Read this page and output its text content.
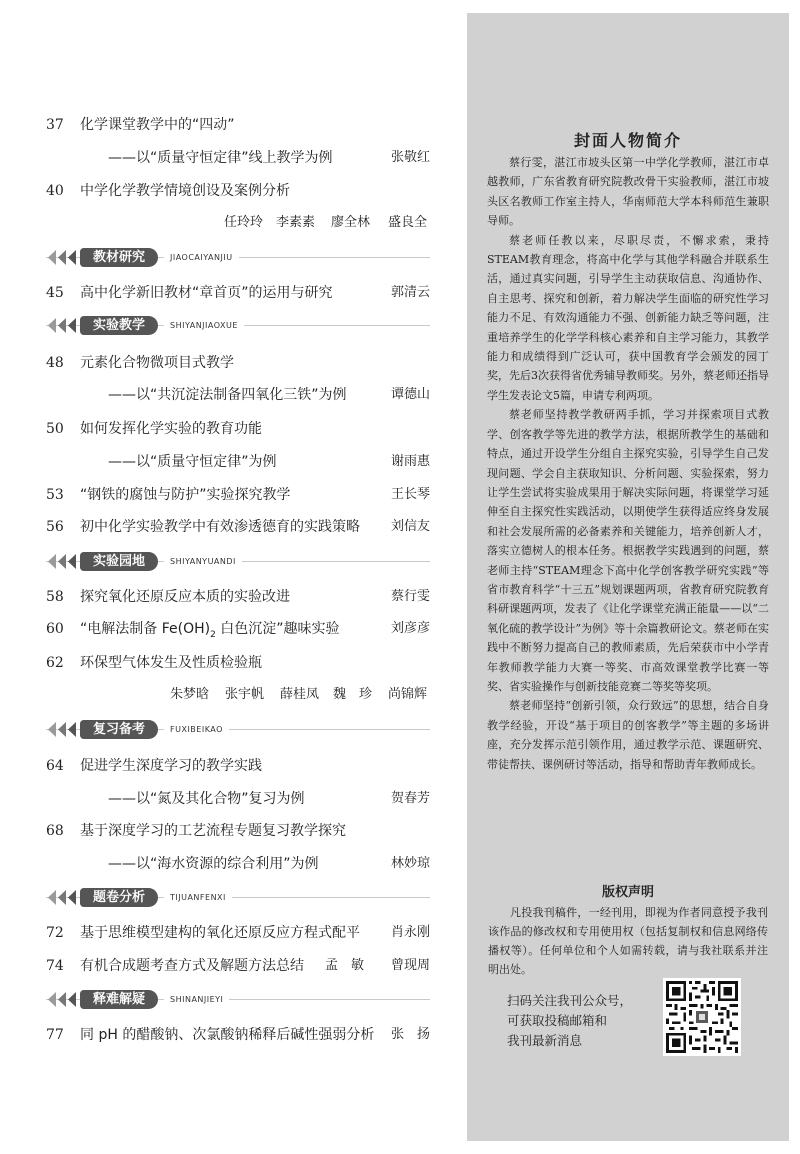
37	化学课堂教学中的“四动”
——以“质量守恒定律”线上教学为例	张敬红
40	中学化学教学情境创设及案例分析
任玲玲 李素素 廖全林 盛良全
教材研究	JIAOCAIYANJIU
45	高中化学新旧教材“章首页”的运用与研究	郭清云
实验教学	SHIYANJIAOXUE
48	元素化合物微项目式教学
——以“共沉淀法制备四氧化三铁”为例	谭德山
50	如何发挥化学实验的教育功能
——以“质量守恒定律”为例	谢雨惠
53	“钢铁的腐蚀与防护”实验探究教学	王长琴
56	初中化学实验教学中有效渗透德育的实践策略 刘信友
实验园地	SHIYANYUANDI
58	探究氧化还原反应本质的实验改进	蔡行雯
60	“电解法制备 $Fe(OH)_2$ 白色沉淀”趣味实验	刘彦彦
62	环保型气体发生及性质检验瓶
朱梦晗 张宇帆 薛桂凤 魏　珍 尚锦辉
复习备考	FUXIBEIKAO
64	促进学生深度学习的教学实践
——以“氮及其化合物”复习为例	贺春芳
68	基于深度学习的工艺流程专题复习教学探究
——以“海水资源的综合利用”为例	林妙琼
题卷分析	TIJUANFENXI
72	基于思维模型建构的氧化还原反应方程式配平 肖永刚
74	有机合成题考查方式及解题方法总结 孟　敏 曾现周
释难解疑	SHINANJIEYI
77	同 pH 的醋酸钠、次氯酸钠稀释后碱性强弱分析 张　扬
封面人物简介

蔡行雯，湛江市坡头区第一中学化学教师，湛江市卓越教师，广东省教育研究院教改骨干实验教师，湛江市坡头区名教师工作室主持人，华南师范大学本科师范生兼职导师。

蔡老师任教以来，尽职尽责，不懈求索，秉持STEAM教育理念，将高中化学与其他学科融合并联系生活，通过真实问题，引导学生主动获取信息、沟通协作、自主思考、探究和创新，着力解决学生面临的研究性学习能力不足、有效沟通能力不强、创新能力缺乏等问题，注重培养学生的化学学科核心素养和自主学习能力，其教学能力和成绩得到广泛认可，获中国教育学会颁发的园丁奖，先后3次获得省优秀辅导教师奖。另外，蔡老师还指导学生发表论文5篇，申请专利两项。

蔡老师坚持教学教研两手抓，学习并探索项目式教学、创客教学等先进的教学方法，根据所教学生的基础和特点，通过开设学生分组自主探究实验，引导学生自己发现问题、学会自主获取知识、分析问题、实验探索，努力让学生尝试将实验成果用于解决实际问题，将课堂学习延伸至自主探究性实践活动，以期使学生获得适应终身发展和社会发展所需的必备素养和关键能力，培养创新人才，落实立德树人的根本任务。根据教学实践遇到的问题，蔡老师主持“STEAM理念下高中化学创客教学研究实践”等省市教育科学“十三五”规划课题两项，省教育研究院教育科研课题两项，发表了《让化学课堂充满正能量——以“二氧化硫的教学设计”为例》等十余篇教研论文。蔡老师在实践中不断努力提高自己的教师素质，先后荣获市中小学青年教师教学能力大赛一等奖、市高效课堂教学比赛一等奖、省实验操作与创新技能竞赛二等奖等奖项。

蔡老师坚持“创新引领，众行致远”的思想，结合自身教学经验，开设“基于项目的创客教学”等主题的多场讲座，充分发挥示范引领作用，通过教学示范、课题研究、带徒帮扶、课例研讨等活动，指导和帮助青年教师成长。

版权声明

凡投我刊稿件，一经刊用，即视为作者同意授予我刊该作品的修改权和专用使用权（包括复制权和信息网络传播权等）。任何单位和个人如需转载，请与我社联系并注明出处。

扫码关注我刊公众号，
可获取投稿邮箱和
我刊最新消息
